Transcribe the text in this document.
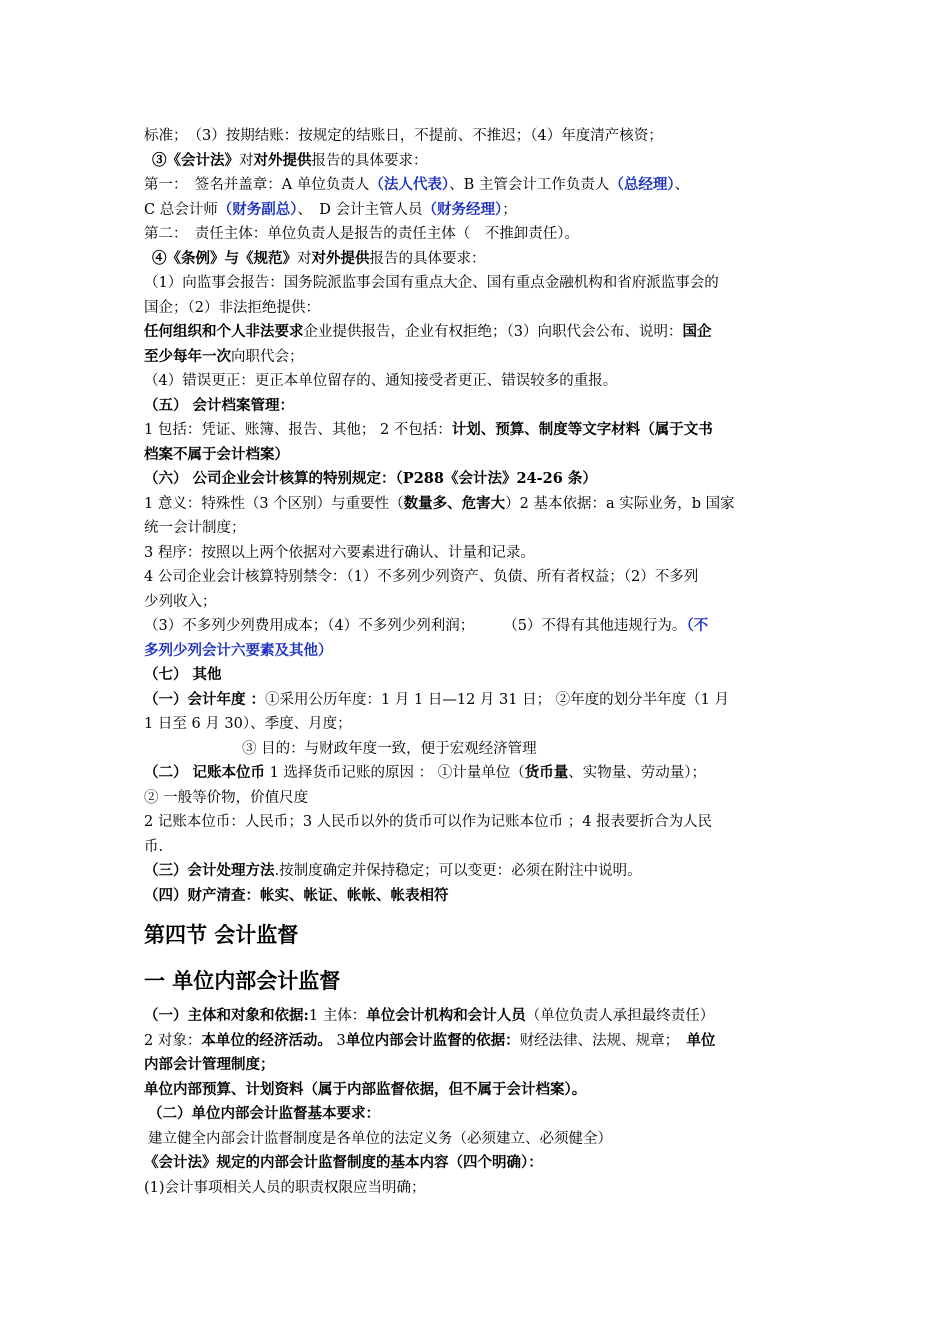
标准；　（3）按期结账：按规定的结账日，不提前、不推迟；（4）年度清产核资；

③《会计法》对对外提供报告的具体要求：

第一：　签名并盖章：A 单位负责人（法人代表）、B 主管会计工作负责人（总经理）、

C 总会计师（财务副总）、　D 会计主管人员（财务经理）；

第二：　责任主体：单位负责人是报告的责任主体（　不推卸责任）。

④《条例》与《规范》对对外提供报告的具体要求：

（1）向监事会报告：国务院派监事会国有重点大企、国有重点金融机构和省府派监事会的

国企；（2）非法拒绝提供：

任何组织和个人非法要求企业提供报告，企业有权拒绝；（3）向职代会公布、说明：国企

至少每年一次向职代会；

（4）错误更正：更正本单位留存的、通知接受者更正、错误较多的重报。

（五） 会计档案管理：

1 包括：凭证、账簿、报告、其他； 2 不包括：计划、预算、制度等文字材料（属于文书

档案不属于会计档案）

（六） 公司企业会计核算的特别规定：（P288《会计法》24-26 条）

1 意义：特殊性（3 个区别）与重要性（数量多、危害大）2 基本依据：a 实际业务，b 国家

统一会计制度；

3 程序：按照以上两个依据对六要素进行确认、计量和记录。

4 公司企业会计核算特别禁令：（1）不多列少列资产、负债、所有者权益；（2）不多列

少列收入；

（3）不多列少列费用成本；（4）不多列少列利润；　　　（5）不得有其他违规行为。（不

多列少列会计六要素及其他）

（七） 其他

（一）会计年度 ：①采用公历年度：1 月 1 日—12 月 31 日； ②年度的划分半年度（1 月

1 日至 6 月 30）、季度、月度；

③ 目的：与财政年度一致，便于宏观经济管理

（二） 记账本位币 1 选择货币记账的原因 ： ①计量单位（货币量、实物量、劳动量）；

② 一般等价物，价值尺度

2 记账本位币：人民币；3 人民币以外的货币可以作为记账本位币 ；4 报表要折合为人民

币.

（三）会计处理方法.按制度确定并保持稳定；可以变更：必须在附注中说明。

（四）财产清查：帐实、帐证、帐帐、帐表相符

第四节 会计监督
一 单位内部会计监督

（一）主体和对象和依据:1 主体：单位会计机构和会计人员（单位负责人承担最终责任）

2 对象：本单位的经济活动。 3单位内部会计监督的依据：财经法律、法规、规章；　单位

内部会计管理制度；

单位内部预算、计划资料（属于内部监督依据，但不属于会计档案）。

（二）单位内部会计监督基本要求：

建立健全内部会计监督制度是各单位的法定义务（必须建立、必须健全）

《会计法》规定的内部会计监督制度的基本内容（四个明确）：

(1)会计事项相关人员的职责权限应当明确；
